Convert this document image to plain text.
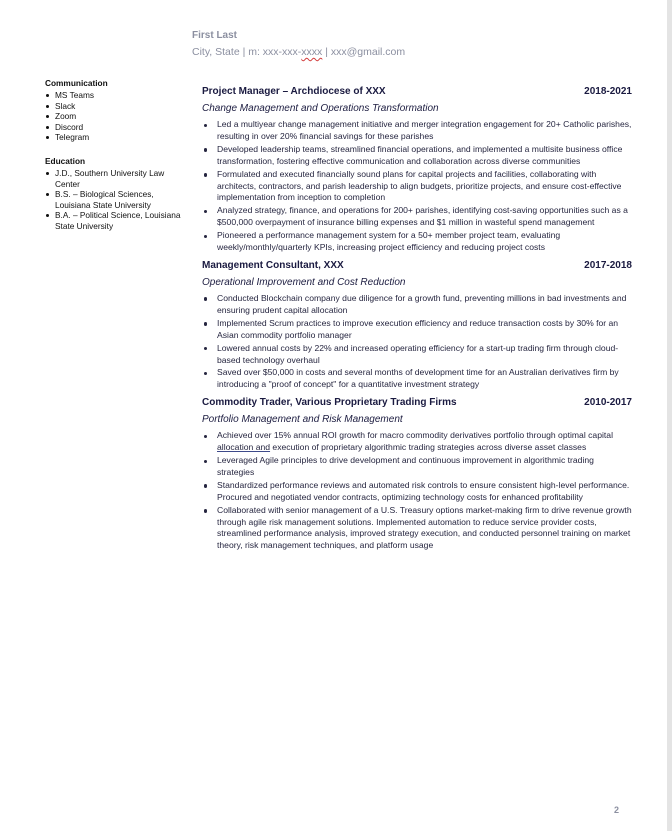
First Last
City, State | m: xxx-xxx-xxxx | xxx@gmail.com
Communication
MS Teams
Slack
Zoom
Discord
Telegram
Education
J.D., Southern University Law Center
B.S. – Biological Sciences, Louisiana State University
B.A. – Political Science, Louisiana State University
Project Manager – Archdiocese of XXX	2018-2021
Change Management and Operations Transformation
Led a multiyear change management initiative and merger integration engagement for 20+ Catholic parishes, resulting in over 20% financial savings for these parishes
Developed leadership teams, streamlined financial operations, and implemented a multisite business office transformation, fostering effective communication and collaboration across diverse communities
Formulated and executed financially sound plans for capital projects and facilities, collaborating with architects, contractors, and parish leadership to align budgets, prioritize projects, and ensure cost-effective implementation from inception to completion
Analyzed strategy, finance, and operations for 200+ parishes, identifying cost-saving opportunities such as a $500,000 overpayment of insurance billing expenses and $1 million in wasteful spend management
Pioneered a performance management system for a 50+ member project team, evaluating weekly/monthly/quarterly KPIs, increasing project efficiency and reducing project costs
Management Consultant, XXX	2017-2018
Operational Improvement and Cost Reduction
Conducted Blockchain company due diligence for a growth fund, preventing millions in bad investments and ensuring prudent capital allocation
Implemented Scrum practices to improve execution efficiency and reduce transaction costs by 30% for an Asian commodity portfolio manager
Lowered annual costs by 22% and increased operating efficiency for a start-up trading firm through cloud-based technology overhaul
Saved over $50,000 in costs and several months of development time for an Australian derivatives firm by introducing a "proof of concept" for a quantitative investment strategy
Commodity Trader, Various Proprietary Trading Firms	2010-2017
Portfolio Management and Risk Management
Achieved over 15% annual ROI growth for macro commodity derivatives portfolio through optimal capital allocation and execution of proprietary algorithmic trading strategies across diverse asset classes
Leveraged Agile principles to drive development and continuous improvement in algorithmic trading strategies
Standardized performance reviews and automated risk controls to ensure consistent high-level performance. Procured and negotiated vendor contracts, optimizing technology costs for enhanced profitability
Collaborated with senior management of a U.S. Treasury options market-making firm to drive revenue growth through agile risk management solutions. Implemented automation to reduce service provider costs, streamlined performance analysis, improved strategy execution, and conducted personnel training on market theory, risk management techniques, and platform usage
2
